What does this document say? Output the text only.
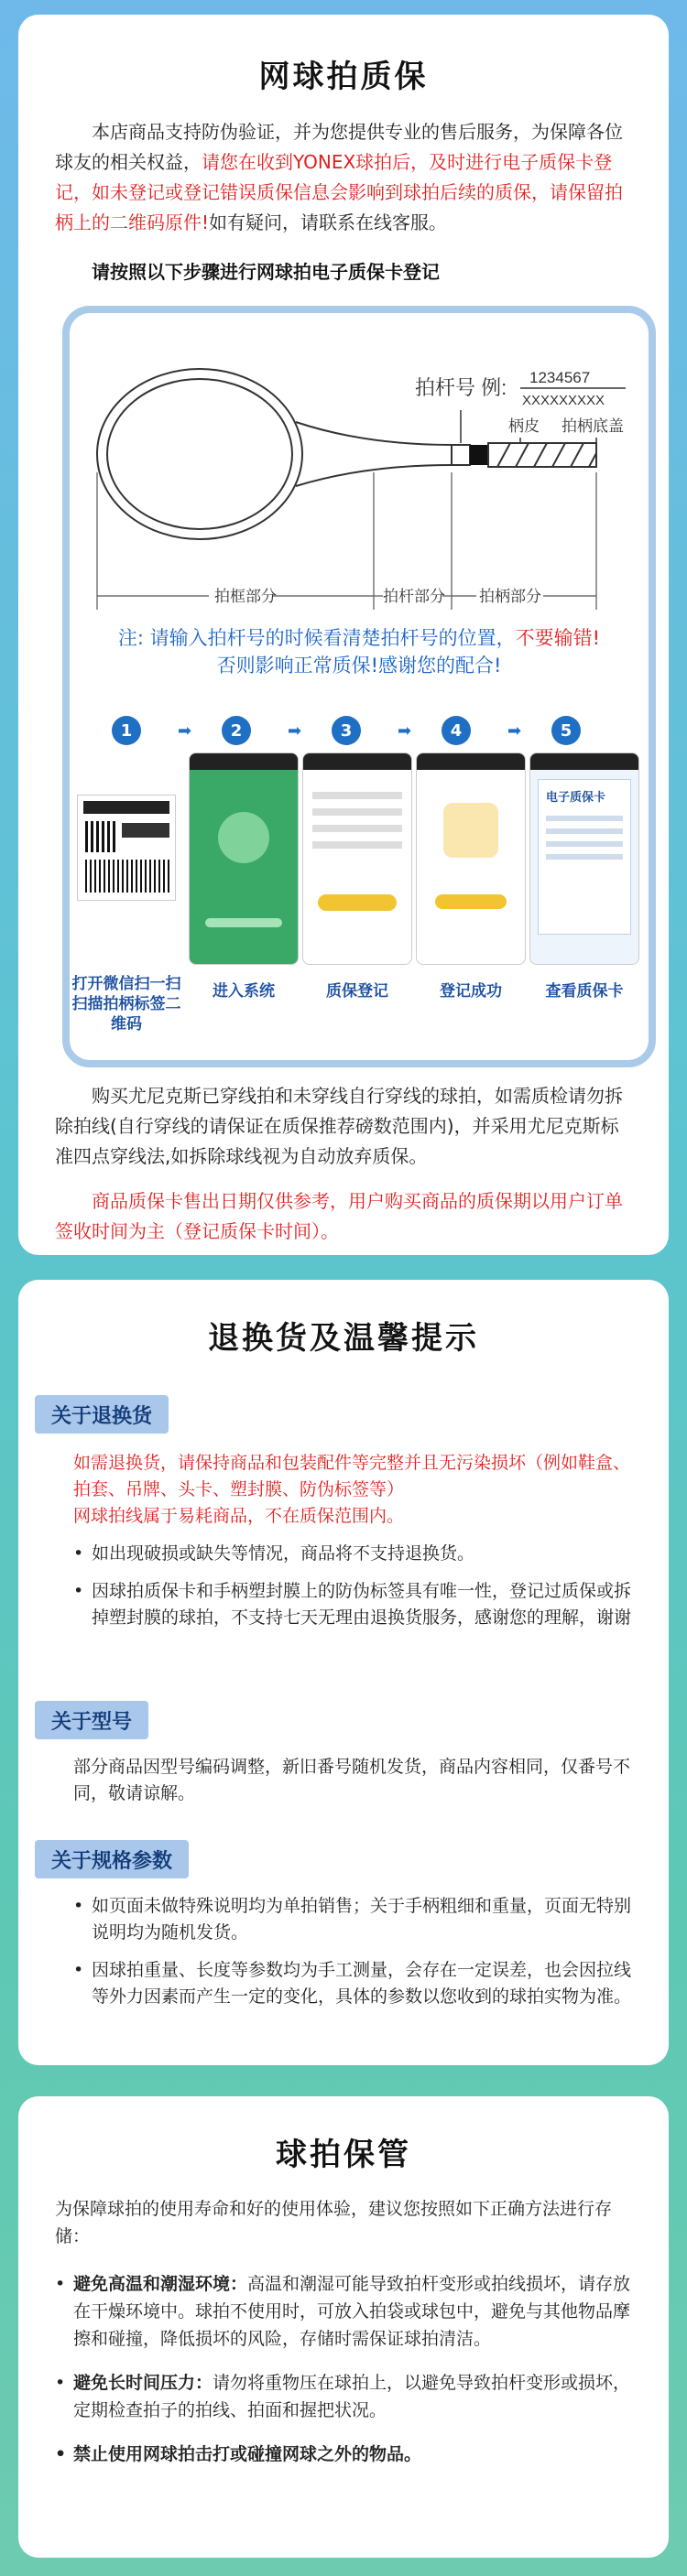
网球拍质保
本店商品支持防伪验证，并为您提供专业的售后服务，为保障各位球友的相关权益，请您在收到YONEX球拍后，及时进行电子质保卡登记，如未登记或登记错误质保信息会影响到球拍后续的质保，请保留拍柄上的二维码原件!如有疑问，请联系在线客服。
请按照以下步骤进行网球拍电子质保卡登记
拍杆号 例: 1234567
XXXXXXXXX
柄皮 拍柄底盖
拍框部分	拍杆部分 拍柄部分
注: 请输入拍杆号的时候看清楚拍杆号的位置，不要输错!
否则影响正常质保!感谢您的配合!
1	➡	2	➡	3	➡	4	➡	5
电子质保卡
打开微信扫一扫扫描拍柄标签二维码
进入系统	质保登记	登记成功	查看质保卡
购买尤尼克斯已穿线拍和未穿线自行穿线的球拍，如需质检请勿拆除拍线(自行穿线的请保证在质保推荐磅数范围内)，并采用尤尼克斯标准四点穿线法,如拆除球线视为自动放弃质保。
商品质保卡售出日期仅供参考，用户购买商品的质保期以用户订单签收时间为主（登记质保卡时间）。
退换货及温馨提示
关于退换货
如需退换货，请保持商品和包装配件等完整并且无污染损坏（例如鞋盒、拍套、吊牌、头卡、塑封膜、防伪标签等）
网球拍线属于易耗商品，不在质保范围内。
• 如出现破损或缺失等情况，商品将不支持退换货。
• 因球拍质保卡和手柄塑封膜上的防伪标签具有唯一性，登记过质保或拆掉塑封膜的球拍，不支持七天无理由退换货服务，感谢您的理解，谢谢
关于型号
部分商品因型号编码调整，新旧番号随机发货，商品内容相同，仅番号不同，敬请谅解。
关于规格参数
• 如页面未做特殊说明均为单拍销售；关于手柄粗细和重量，页面无特别说明均为随机发货。
• 因球拍重量、长度等参数均为手工测量，会存在一定误差，也会因拉线等外力因素而产生一定的变化，具体的参数以您收到的球拍实物为准。
球拍保管
为保障球拍的使用寿命和好的使用体验，建议您按照如下正确方法进行存储：
• 避免高温和潮湿环境：高温和潮湿可能导致拍杆变形或拍线损坏，请存放在干燥环境中。球拍不使用时，可放入拍袋或球包中，避免与其他物品摩擦和碰撞，降低损坏的风险，存储时需保证球拍清洁。
• 避免长时间压力：请勿将重物压在球拍上，以避免导致拍杆变形或损坏，定期检查拍子的拍线、拍面和握把状况。
• 禁止使用网球拍击打或碰撞网球之外的物品。
